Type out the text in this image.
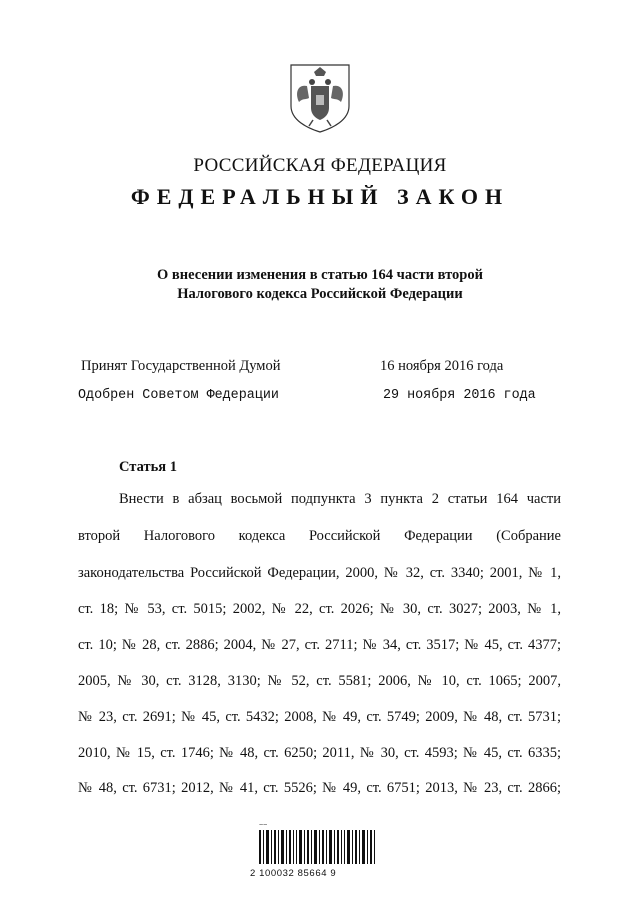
РОССИЙСКАЯ ФЕДЕРАЦИЯ
ФЕДЕРАЛЬНЫЙ ЗАКОН
О внесении изменения в статью 164 части второй
Налогового кодекса Российской Федерации
Принят Государственной Думой	16 ноября 2016 года
Одобрен Советом Федерации	29 ноября 2016 года
Статья 1
Внести в абзац восьмой подпункта 3 пункта 2 статьи 164 части
второй Налогового кодекса Российской Федерации (Собрание
законодательства Российской Федерации, 2000, № 32, ст. 3340; 2001, № 1,
ст. 18; № 53, ст. 5015; 2002, № 22, ст. 2026; № 30, ст. 3027; 2003, № 1,
ст. 10; № 28, ст. 2886; 2004, № 27, ст. 2711; № 34, ст. 3517; № 45, ст. 4377;
2005, № 30, ст. 3128, 3130; № 52, ст. 5581; 2006, № 10, ст. 1065; 2007,
№ 23, ст. 2691; № 45, ст. 5432; 2008, № 49, ст. 5749; 2009, № 48, ст. 5731;
2010, № 15, ст. 1746; № 48, ст. 6250; 2011, № 30, ст. 4593; № 45, ст. 6335;
№ 48, ст. 6731; 2012, № 41, ст. 5526; № 49, ст. 6751; 2013, № 23, ст. 2866;
~~
2 100032 85664 9
